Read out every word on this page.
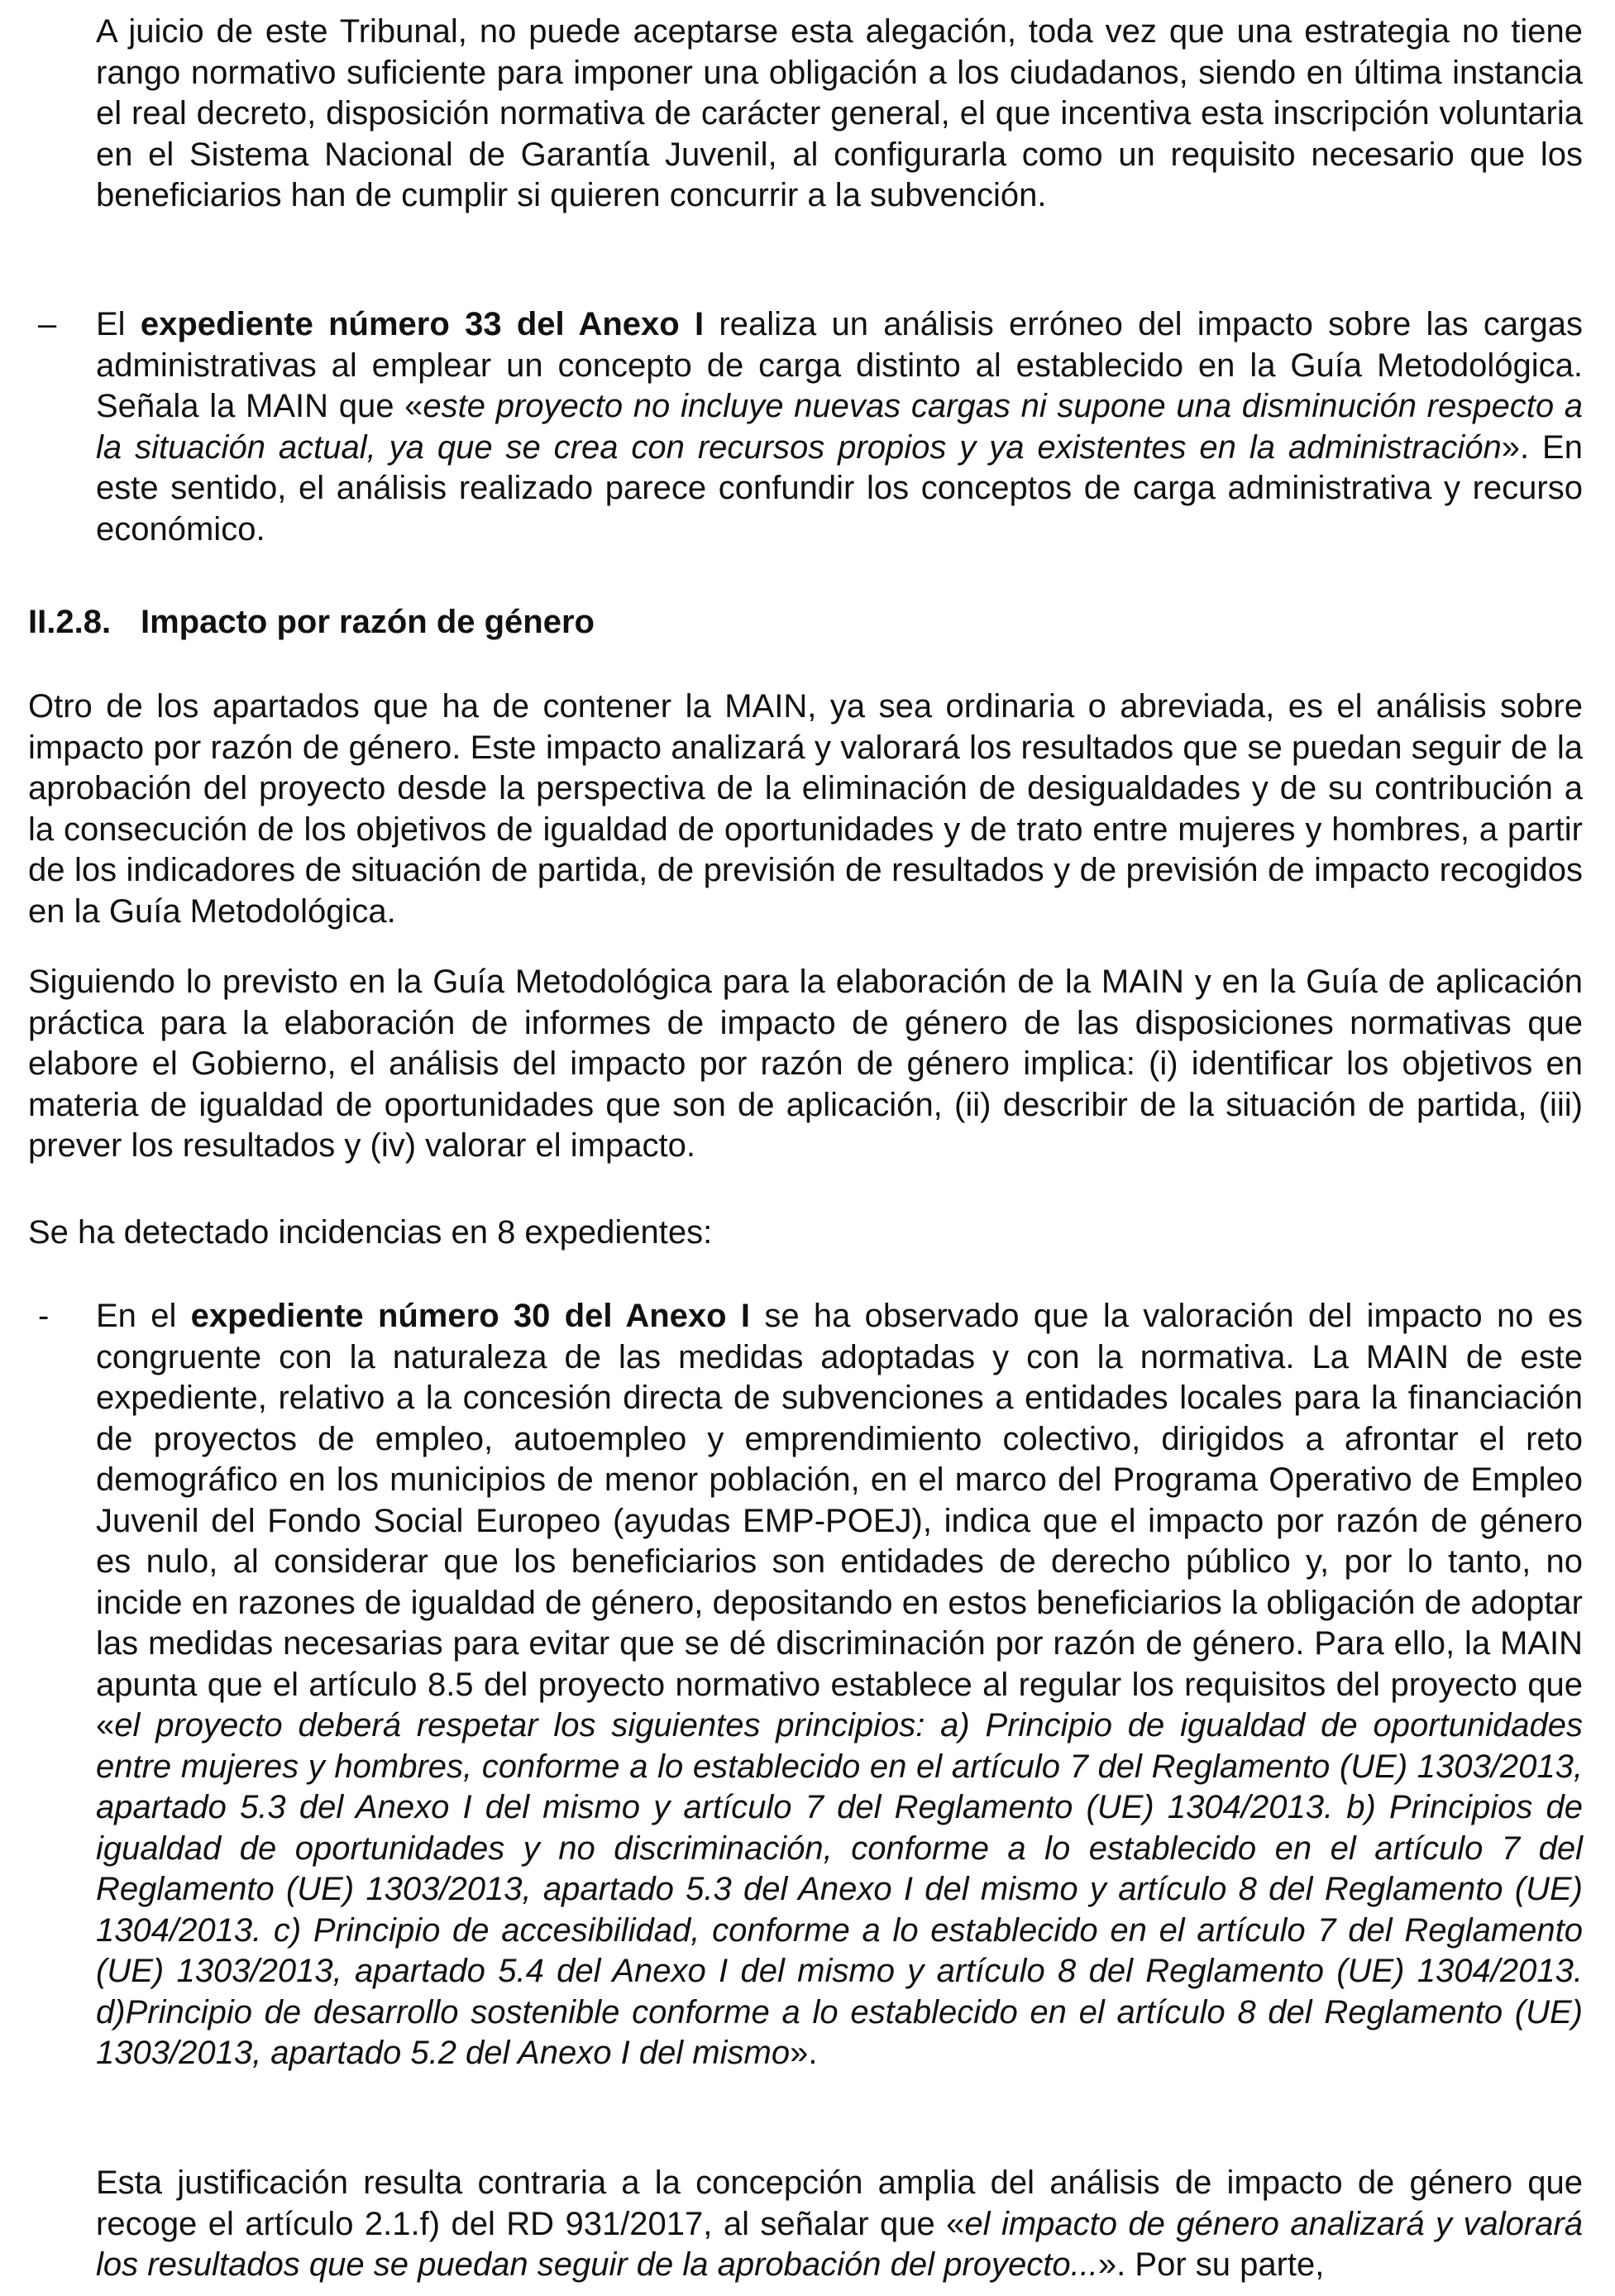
A juicio de este Tribunal, no puede aceptarse esta alegación, toda vez que una estrategia no tiene rango normativo suficiente para imponer una obligación a los ciudadanos, siendo en última instancia el real decreto, disposición normativa de carácter general, el que incentiva esta inscripción voluntaria en el Sistema Nacional de Garantía Juvenil, al configurarla como un requisito necesario que los beneficiarios han de cumplir si quieren concurrir a la subvención.

–	El expediente número 33 del Anexo I realiza un análisis erróneo del impacto sobre las cargas administrativas al emplear un concepto de carga distinto al establecido en la Guía Metodológica. Señala la MAIN que «este proyecto no incluye nuevas cargas ni supone una disminución respecto a la situación actual, ya que se crea con recursos propios y ya existentes en la administración». En este sentido, el análisis realizado parece confundir los conceptos de carga administrativa y recurso económico.

II.2.8. Impacto por razón de género

Otro de los apartados que ha de contener la MAIN, ya sea ordinaria o abreviada, es el análisis sobre impacto por razón de género. Este impacto analizará y valorará los resultados que se puedan seguir de la aprobación del proyecto desde la perspectiva de la eliminación de desigualdades y de su contribución a la consecución de los objetivos de igualdad de oportunidades y de trato entre mujeres y hombres, a partir de los indicadores de situación de partida, de previsión de resultados y de previsión de impacto recogidos en la Guía Metodológica.

Siguiendo lo previsto en la Guía Metodológica para la elaboración de la MAIN y en la Guía de aplicación práctica para la elaboración de informes de impacto de género de las disposiciones normativas que elabore el Gobierno, el análisis del impacto por razón de género implica: (i) identificar los objetivos en materia de igualdad de oportunidades que son de aplicación, (ii) describir de la situación de partida, (iii) prever los resultados y (iv) valorar el impacto.

Se ha detectado incidencias en 8 expedientes:

-	En el expediente número 30 del Anexo I se ha observado que la valoración del impacto no es congruente con la naturaleza de las medidas adoptadas y con la normativa. La MAIN de este expediente, relativo a la concesión directa de subvenciones a entidades locales para la financiación de proyectos de empleo, autoempleo y emprendimiento colectivo, dirigidos a afrontar el reto demográfico en los municipios de menor población, en el marco del Programa Operativo de Empleo Juvenil del Fondo Social Europeo (ayudas EMP-POEJ), indica que el impacto por razón de género es nulo, al considerar que los beneficiarios son entidades de derecho público y, por lo tanto, no incide en razones de igualdad de género, depositando en estos beneficiarios la obligación de adoptar las medidas necesarias para evitar que se dé discriminación por razón de género. Para ello, la MAIN apunta que el artículo 8.5 del proyecto normativo establece al regular los requisitos del proyecto que «el proyecto deberá respetar los siguientes principios: a) Principio de igualdad de oportunidades entre mujeres y hombres, conforme a lo establecido en el artículo 7 del Reglamento (UE) 1303/2013, apartado 5.3 del Anexo I del mismo y artículo 7 del Reglamento (UE) 1304/2013. b) Principios de igualdad de oportunidades y no discriminación, conforme a lo establecido en el artículo 7 del Reglamento (UE) 1303/2013, apartado 5.3 del Anexo I del mismo y artículo 8 del Reglamento (UE) 1304/2013. c) Principio de accesibilidad, conforme a lo establecido en el artículo 7 del Reglamento (UE) 1303/2013, apartado 5.4 del Anexo I del mismo y artículo 8 del Reglamento (UE) 1304/2013. d)Principio de desarrollo sostenible conforme a lo establecido en el artículo 8 del Reglamento (UE) 1303/2013, apartado 5.2 del Anexo I del mismo».

Esta justificación resulta contraria a la concepción amplia del análisis de impacto de género que recoge el artículo 2.1.f) del RD 931/2017, al señalar que «el impacto de género analizará y valorará los resultados que se puedan seguir de la aprobación del proyecto...». Por su parte,
